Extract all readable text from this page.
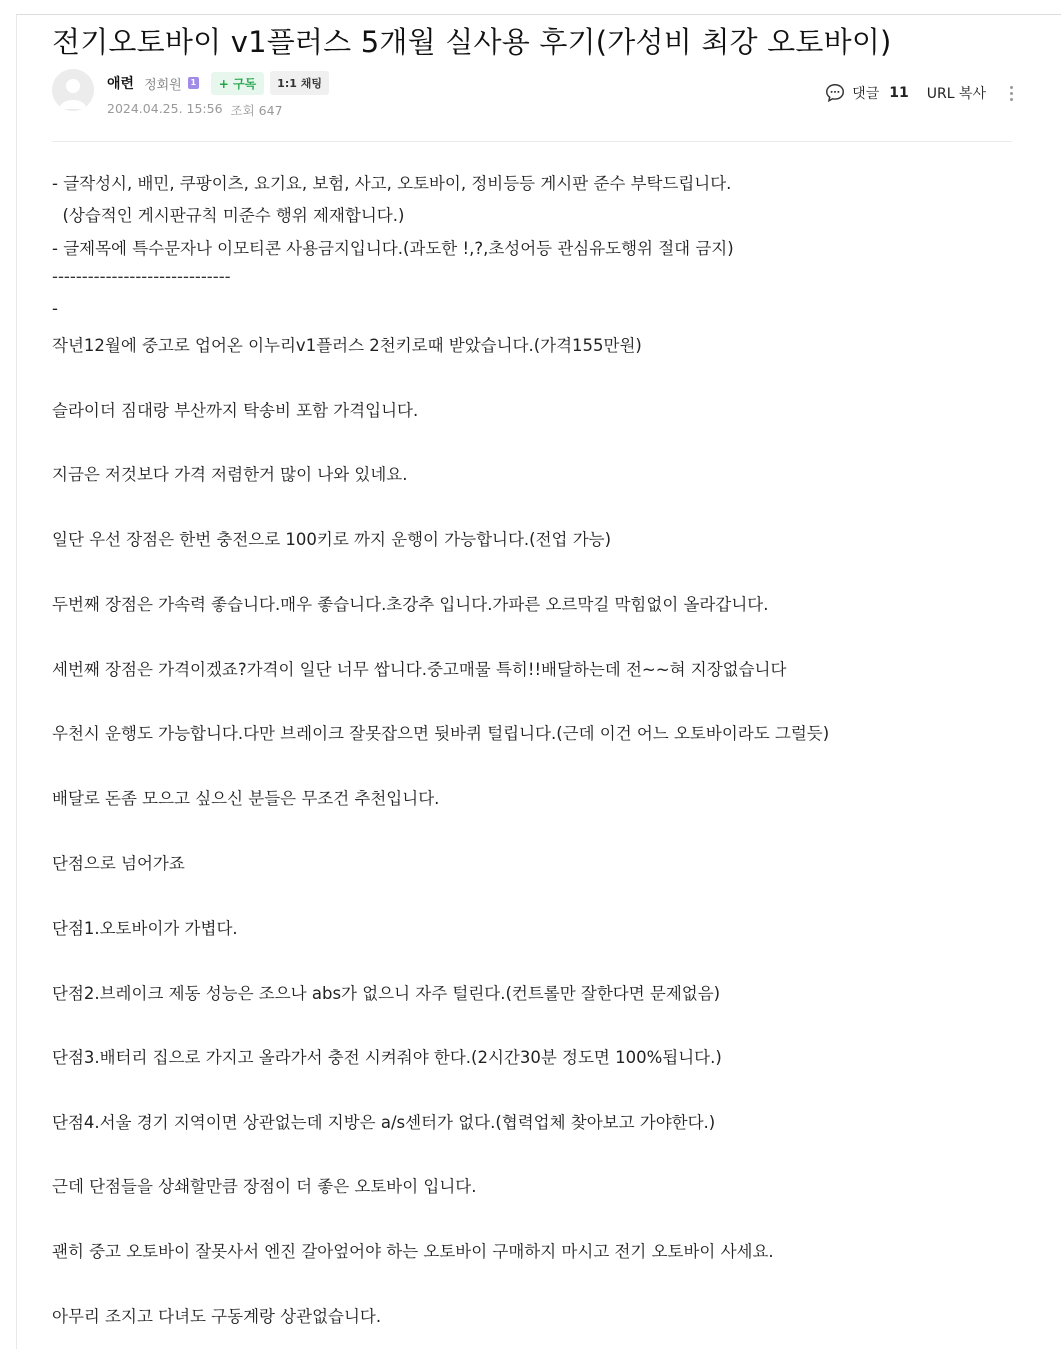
전기오토바이 v1플러스 5개월 실사용 후기(가성비 최강 오토바이)
애련 정회원	1	+ 구독	1:1 채팅
2024.04.25. 15:56 조회 647
댓글 11 URL 복사
- 글작성시, 배민, 쿠팡이츠, 요기요, 보험, 사고, 오토바이, 정비등등 게시판 준수 부탁드립니다.
(상습적인 게시판규칙 미준수 행위 제재합니다.)
- 글제목에 특수문자나 이모티콘 사용금지입니다.(과도한 !,?,초성어등 관심유도행위 절대 금지)
------------------------------
-
작년12월에 중고로 업어온 이누리v1플러스 2천키로때 받았습니다.(가격155만원)
슬라이더 짐대랑 부산까지 탁송비 포함 가격입니다.
지금은 저것보다 가격 저렴한거 많이 나와 있네요.
일단 우선 장점은 한번 충전으로 100키로 까지 운행이 가능합니다.(전업 가능)
두번째 장점은 가속력 좋습니다.매우 좋습니다.초강추 입니다.가파른 오르막길 막힘없이 올라갑니다.
세번째 장점은 가격이겠죠?가격이 일단 너무 쌉니다.중고매물 특히!!배달하는데 전~~혀 지장없습니다
우천시 운행도 가능합니다.다만 브레이크 잘못잡으면 뒷바퀴 털립니다.(근데 이건 어느 오토바이라도 그럴듯)
배달로 돈좀 모으고 싶으신 분들은 무조건 추천입니다.
단점으로 넘어가죠
단점1.오토바이가 가볍다.
단점2.브레이크 제동 성능은 조으나 abs가 없으니 자주 털린다.(컨트롤만 잘한다면 문제없음)
단점3.배터리 집으로 가지고 올라가서 충전 시켜줘야 한다.(2시간30분 정도면 100%됩니다.)
단점4.서울 경기 지역이면 상관없는데 지방은 a/s센터가 없다.(협력업체 찾아보고 가야한다.)
근데 단점들을 상쇄할만큼 장점이 더 좋은 오토바이 입니다.
괜히 중고 오토바이 잘못사서 엔진 갈아엎어야 하는 오토바이 구매하지 마시고 전기 오토바이 사세요.
아무리 조지고 다녀도 구동계랑 상관없습니다.
